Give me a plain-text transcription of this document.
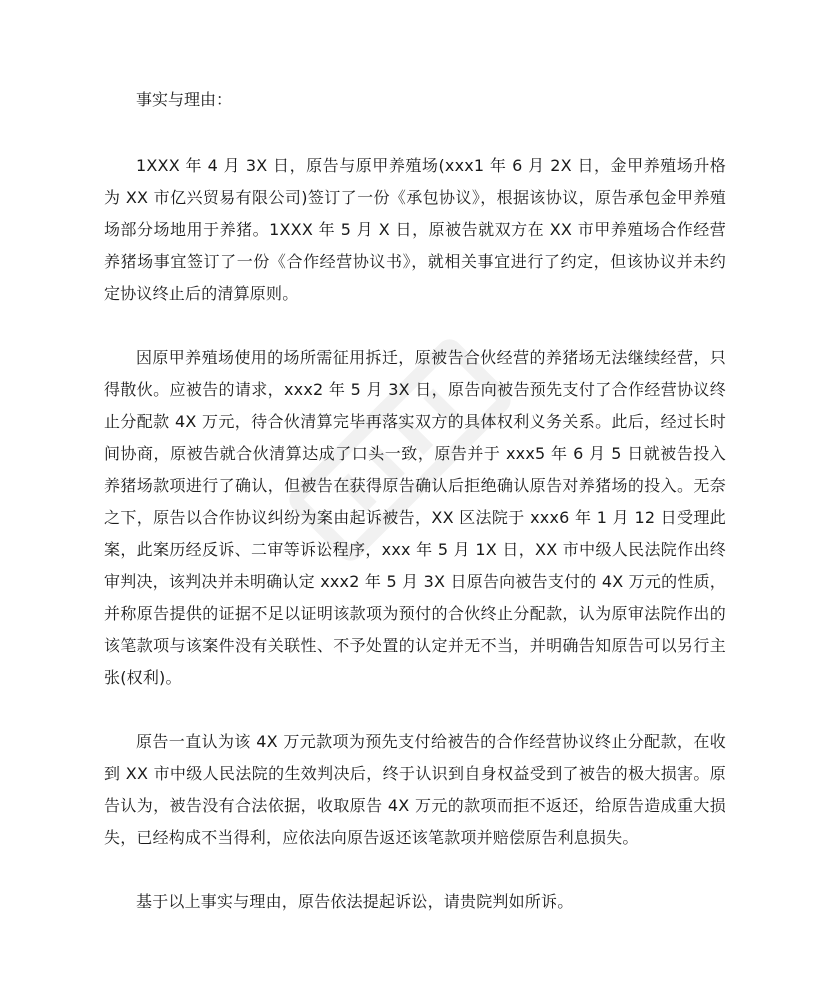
事实与理由：

1XXX 年 4 月 3X 日，原告与原甲养殖场(xxx1 年 6 月 2X 日，金甲养殖场升格为 XX 市亿兴贸易有限公司)签订了一份《承包协议》，根据该协议，原告承包金甲养殖场部分场地用于养猪。1XXX 年 5 月 X 日，原被告就双方在 XX 市甲养殖场合作经营养猪场事宜签订了一份《合作经营协议书》，就相关事宜进行了约定，但该协议并未约定协议终止后的清算原则。

因原甲养殖场使用的场所需征用拆迁，原被告合伙经营的养猪场无法继续经营，只得散伙。应被告的请求，xxx2 年 5 月 3X 日，原告向被告预先支付了合作经营协议终止分配款 4X 万元，待合伙清算完毕再落实双方的具体权利义务关系。此后，经过长时间协商，原被告就合伙清算达成了口头一致，原告并于 xxx5 年 6 月 5 日就被告投入养猪场款项进行了确认，但被告在获得原告确认后拒绝确认原告对养猪场的投入。无奈之下，原告以合作协议纠纷为案由起诉被告，XX 区法院于 xxx6 年 1 月 12 日受理此案，此案历经反诉、二审等诉讼程序，xxx 年 5 月 1X 日，XX 市中级人民法院作出终审判决，该判决并未明确认定 xxx2 年 5 月 3X 日原告向被告支付的 4X 万元的性质，并称原告提供的证据不足以证明该款项为预付的合伙终止分配款，认为原审法院作出的该笔款项与该案件没有关联性、不予处置的认定并无不当，并明确告知原告可以另行主张(权利)。

原告一直认为该 4X 万元款项为预先支付给被告的合作经营协议终止分配款，在收到 XX 市中级人民法院的生效判决后，终于认识到自身权益受到了被告的极大损害。原告认为，被告没有合法依据，收取原告 4X 万元的款项而拒不返还，给原告造成重大损失，已经构成不当得利，应依法向原告返还该笔款项并赔偿原告利息损失。

基于以上事实与理由，原告依法提起诉讼，请贵院判如所诉。
